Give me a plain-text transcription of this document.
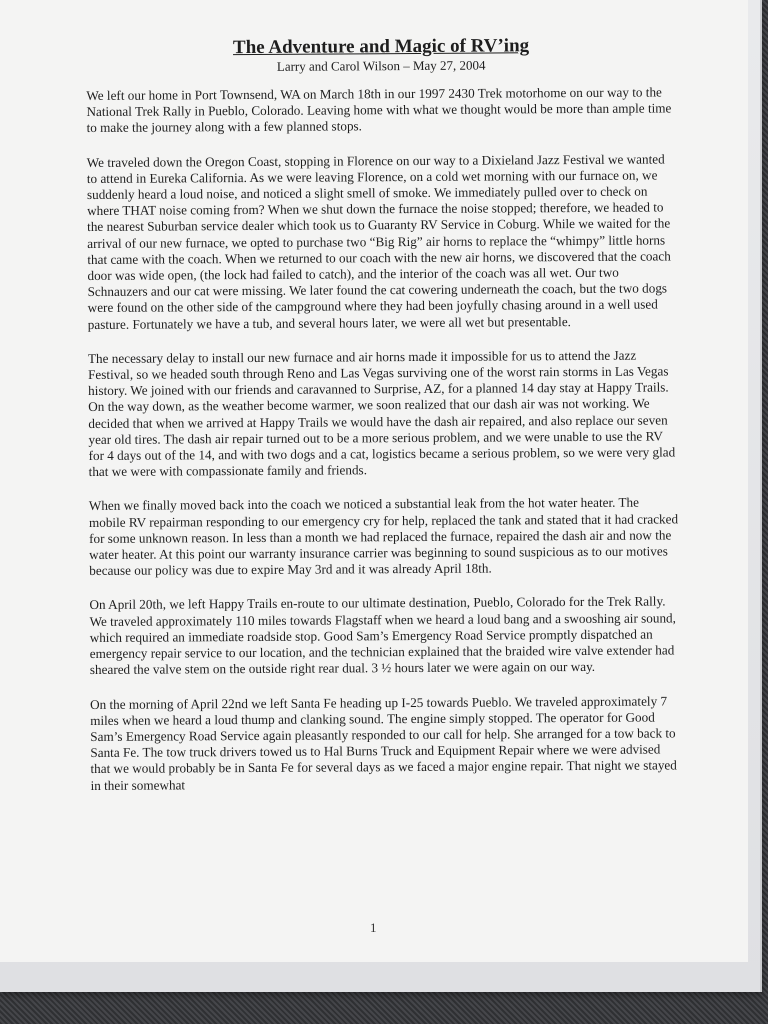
The Adventure and Magic of RV’ing

Larry and Carol Wilson – May 27, 2004

We left our home in Port Townsend, WA on March 18th in our 1997 2430 Trek motorhome on our way to the National Trek Rally in Pueblo, Colorado. Leaving home with what we thought would be more than ample time to make the journey along with a few planned stops.

We traveled down the Oregon Coast, stopping in Florence on our way to a Dixieland Jazz Festival we wanted to attend in Eureka California. As we were leaving Florence, on a cold wet morning with our furnace on, we suddenly heard a loud noise, and noticed a slight smell of smoke. We immediately pulled over to check on where THAT noise coming from? When we shut down the furnace the noise stopped; therefore, we headed to the nearest Suburban service dealer which took us to Guaranty RV Service in Coburg. While we waited for the arrival of our new furnace, we opted to purchase two “Big Rig” air horns to replace the “whimpy” little horns that came with the coach. When we returned to our coach with the new air horns, we discovered that the coach door was wide open, (the lock had failed to catch), and the interior of the coach was all wet. Our two Schnauzers and our cat were missing. We later found the cat cowering underneath the coach, but the two dogs were found on the other side of the campground where they had been joyfully chasing around in a well used pasture. Fortunately we have a tub, and several hours later, we were all wet but presentable.

The necessary delay to install our new furnace and air horns made it impossible for us to attend the Jazz Festival, so we headed south through Reno and Las Vegas surviving one of the worst rain storms in Las Vegas history. We joined with our friends and caravanned to Surprise, AZ, for a planned 14 day stay at Happy Trails. On the way down, as the weather become warmer, we soon realized that our dash air was not working. We decided that when we arrived at Happy Trails we would have the dash air repaired, and also replace our seven year old tires. The dash air repair turned out to be a more serious problem, and we were unable to use the RV for 4 days out of the 14, and with two dogs and a cat, logistics became a serious problem, so we were very glad that we were with compassionate family and friends.

When we finally moved back into the coach we noticed a substantial leak from the hot water heater. The mobile RV repairman responding to our emergency cry for help, replaced the tank and stated that it had cracked for some unknown reason. In less than a month we had replaced the furnace, repaired the dash air and now the water heater. At this point our warranty insurance carrier was beginning to sound suspicious as to our motives because our policy was due to expire May 3rd and it was already April 18th.

On April 20th, we left Happy Trails en-route to our ultimate destination, Pueblo, Colorado for the Trek Rally. We traveled approximately 110 miles towards Flagstaff when we heard a loud bang and a swooshing air sound, which required an immediate roadside stop. Good Sam’s Emergency Road Service promptly dispatched an emergency repair service to our location, and the technician explained that the braided wire valve extender had sheared the valve stem on the outside right rear dual. 3 ½ hours later we were again on our way.

On the morning of April 22nd we left Santa Fe heading up I-25 towards Pueblo. We traveled approximately 7 miles when we heard a loud thump and clanking sound. The engine simply stopped. The operator for Good Sam’s Emergency Road Service again pleasantly responded to our call for help. She arranged for a tow back to Santa Fe. The tow truck drivers towed us to Hal Burns Truck and Equipment Repair where we were advised that we would probably be in Santa Fe for several days as we faced a major engine repair. That night we stayed in their somewhat

1
